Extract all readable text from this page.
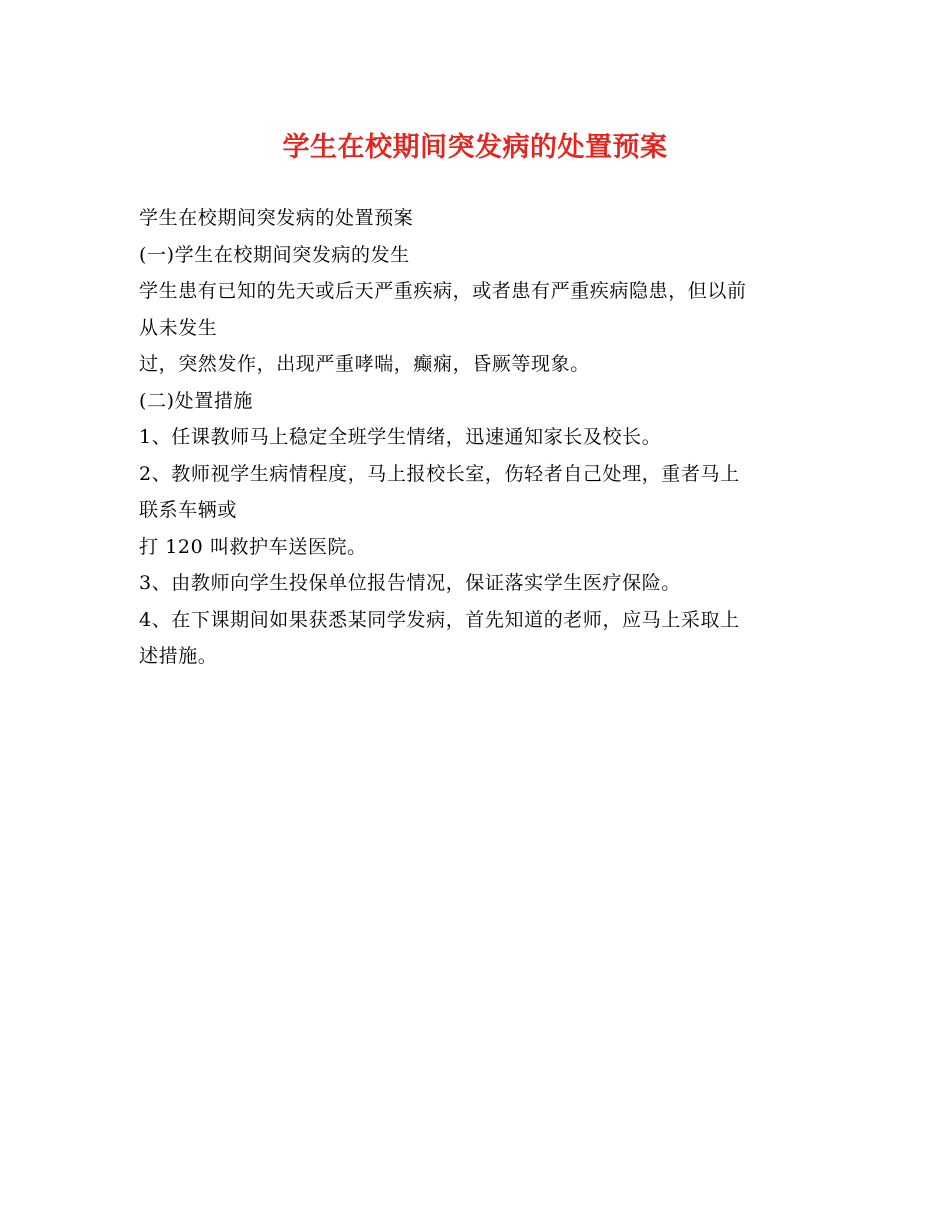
学生在校期间突发病的处置预案

学生在校期间突发病的处置预案

(一)学生在校期间突发病的发生

学生患有已知的先天或后天严重疾病，或者患有严重疾病隐患，但以前

从未发生

过，突然发作，出现严重哮喘，癫痫，昏厥等现象。

(二)处置措施

1、任课教师马上稳定全班学生情绪，迅速通知家长及校长。

2、教师视学生病情程度，马上报校长室，伤轻者自己处理，重者马上

联系车辆或

打 120 叫救护车送医院。

3、由教师向学生投保单位报告情况，保证落实学生医疗保险。

4、在下课期间如果获悉某同学发病，首先知道的老师，应马上采取上

述措施。
